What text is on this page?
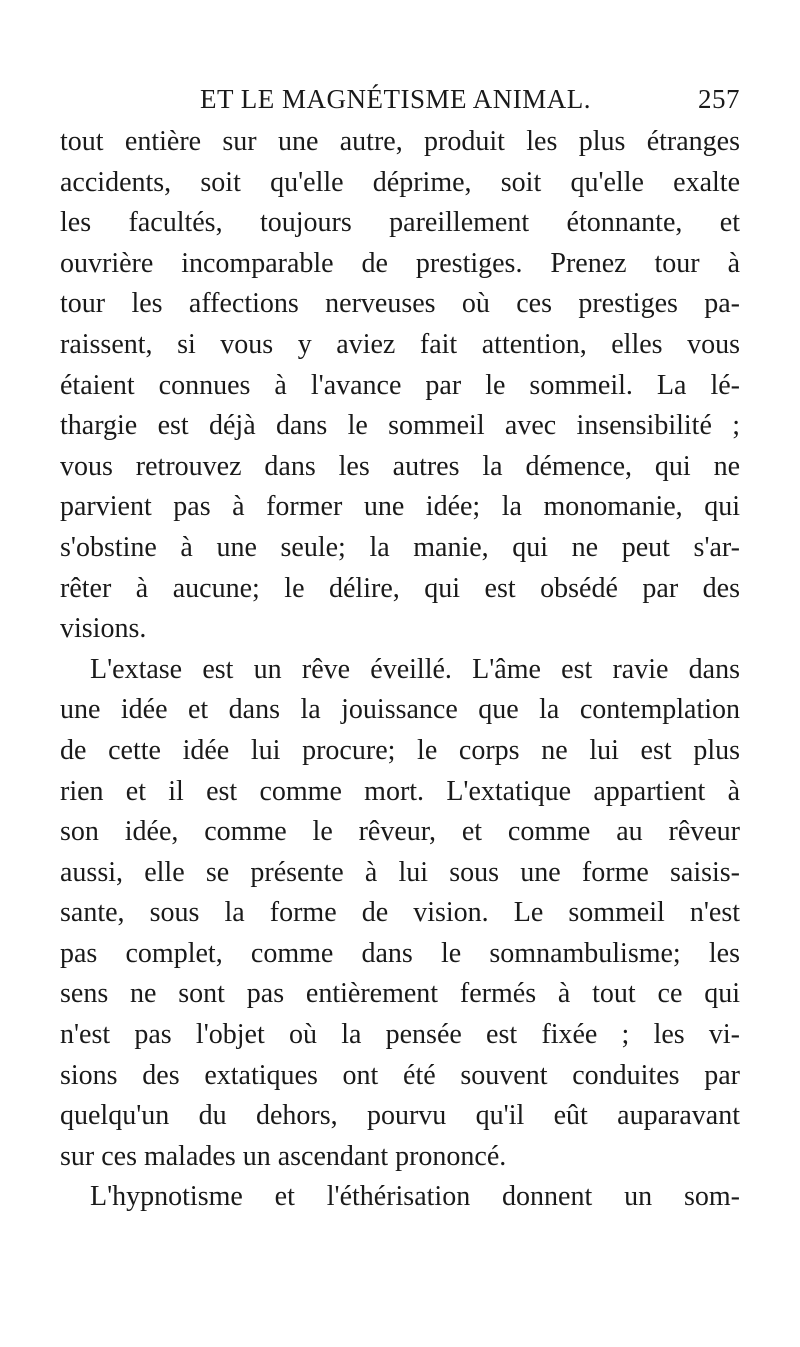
ET LE MAGNÉTISME ANIMAL.	257
tout entière sur une autre, produit les plus étranges
accidents, soit qu'elle déprime, soit qu'elle exalte
les facultés, toujours pareillement étonnante, et
ouvrière incomparable de prestiges. Prenez tour à
tour les affections nerveuses où ces prestiges pa-
raissent, si vous y aviez fait attention, elles vous
étaient connues à l'avance par le sommeil. La lé-
thargie est déjà dans le sommeil avec insensibilité ;
vous retrouvez dans les autres la démence, qui ne
parvient pas à former une idée; la monomanie, qui
s'obstine à une seule; la manie, qui ne peut s'ar-
rêter à aucune; le délire, qui est obsédé par des
visions.
L'extase est un rêve éveillé. L'âme est ravie dans
une idée et dans la jouissance que la contemplation
de cette idée lui procure; le corps ne lui est plus
rien et il est comme mort. L'extatique appartient à
son idée, comme le rêveur, et comme au rêveur
aussi, elle se présente à lui sous une forme saisis-
sante, sous la forme de vision. Le sommeil n'est
pas complet, comme dans le somnambulisme; les
sens ne sont pas entièrement fermés à tout ce qui
n'est pas l'objet où la pensée est fixée ; les vi-
sions des extatiques ont été souvent conduites par
quelqu'un du dehors, pourvu qu'il eût auparavant
sur ces malades un ascendant prononcé.
L'hypnotisme et l'éthérisation donnent un som-
